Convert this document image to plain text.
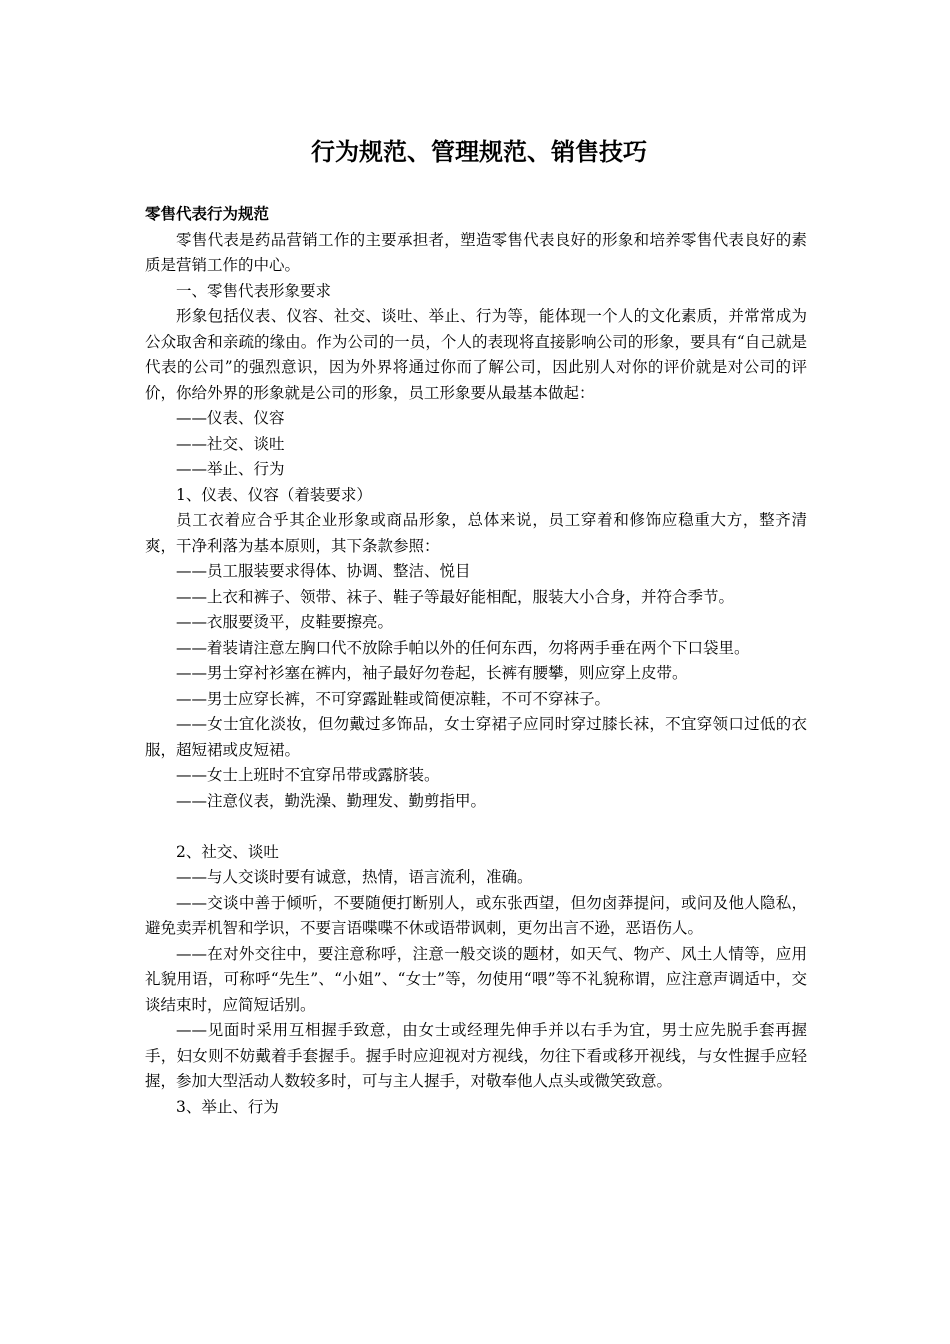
行为规范、管理规范、销售技巧
零售代表行为规范

零售代表是药品营销工作的主要承担者，塑造零售代表良好的形象和培养零售代表良好的素质是营销工作的中心。

一、零售代表形象要求

形象包括仪表、仪容、社交、谈吐、举止、行为等，能体现一个人的文化素质，并常常成为公众取舍和亲疏的缘由。作为公司的一员，个人的表现将直接影响公司的形象，要具有“自己就是代表的公司”的强烈意识，因为外界将通过你而了解公司，因此别人对你的评价就是对公司的评价，你给外界的形象就是公司的形象，员工形象要从最基本做起：

——仪表、仪容

——社交、谈吐

——举止、行为

1、仪表、仪容（着装要求）

员工衣着应合乎其企业形象或商品形象，总体来说，员工穿着和修饰应稳重大方，整齐清爽，干净利落为基本原则，其下条款参照：

——员工服装要求得体、协调、整洁、悦目

——上衣和裤子、领带、袜子、鞋子等最好能相配，服装大小合身，并符合季节。

——衣服要烫平，皮鞋要擦亮。

——着装请注意左胸口代不放除手帕以外的任何东西，勿将两手垂在两个下口袋里。

——男士穿衬衫塞在裤内，袖子最好勿卷起，长裤有腰攀，则应穿上皮带。

——男士应穿长裤，不可穿露趾鞋或简便凉鞋，不可不穿袜子。

——女士宜化淡妆，但勿戴过多饰品，女士穿裙子应同时穿过膝长袜，不宜穿领口过低的衣服，超短裙或皮短裙。

——女士上班时不宜穿吊带或露脐装。

——注意仪表，勤洗澡、勤理发、勤剪指甲。

2、社交、谈吐

——与人交谈时要有诚意，热情，语言流利，准确。

——交谈中善于倾听，不要随便打断别人，或东张西望，但勿卤莽提问，或问及他人隐私，避免卖弄机智和学识，不要言语喋喋不休或语带讽刺，更勿出言不逊，恶语伤人。

——在对外交往中，要注意称呼，注意一般交谈的题材，如天气、物产、风土人情等，应用礼貌用语，可称呼“先生”、“小姐”、“女士”等，勿使用“喂”等不礼貌称谓，应注意声调适中，交谈结束时，应简短话别。

——见面时采用互相握手致意，由女士或经理先伸手并以右手为宜，男士应先脱手套再握手，妇女则不妨戴着手套握手。握手时应迎视对方视线，勿往下看或移开视线，与女性握手应轻握，参加大型活动人数较多时，可与主人握手，对敬奉他人点头或微笑致意。

3、举止、行为
